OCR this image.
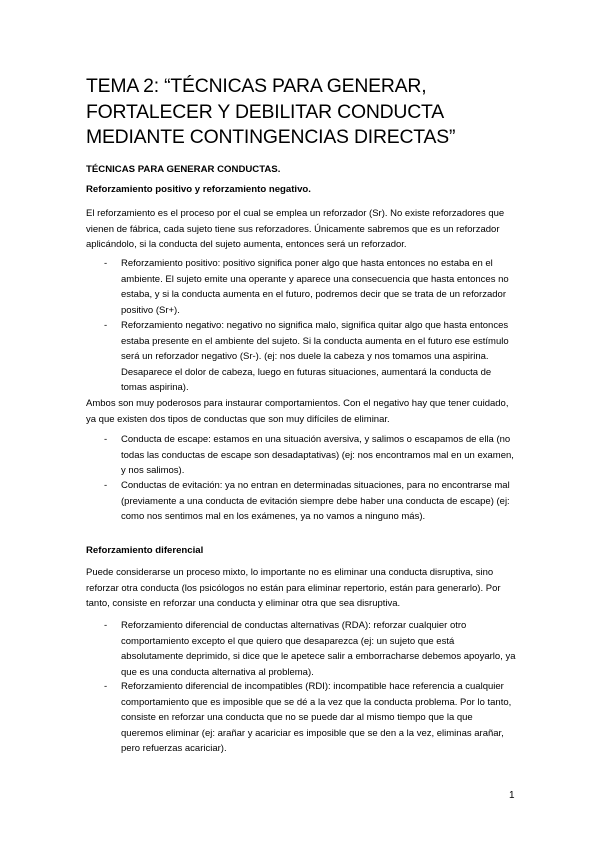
TEMA 2: “TÉCNICAS PARA GENERAR, FORTALECER Y DEBILITAR CONDUCTA MEDIANTE CONTINGENCIAS DIRECTAS”
TÉCNICAS PARA GENERAR CONDUCTAS.
Reforzamiento positivo y reforzamiento negativo.
El reforzamiento es el proceso por el cual se emplea un reforzador (Sr). No existe reforzadores que vienen de fábrica, cada sujeto tiene sus reforzadores. Únicamente sabremos que es un reforzador aplicándolo, si la conducta del sujeto aumenta, entonces será un reforzador.
- Reforzamiento positivo: positivo significa poner algo que hasta entonces no estaba en el ambiente. El sujeto emite una operante y aparece una consecuencia que hasta entonces no estaba, y si la conducta aumenta en el futuro, podremos decir que se trata de un reforzador positivo (Sr+).
- Reforzamiento negativo: negativo no significa malo, significa quitar algo que hasta entonces estaba presente en el ambiente del sujeto. Si la conducta aumenta en el futuro ese estímulo será un reforzador negativo (Sr-). (ej: nos duele la cabeza y nos tomamos una aspirina. Desaparece el dolor de cabeza, luego en futuras situaciones, aumentará la conducta de tomas aspirina).
Ambos son muy poderosos para instaurar comportamientos. Con el negativo hay que tener cuidado, ya que existen dos tipos de conductas que son muy difíciles de eliminar.
- Conducta de escape: estamos en una situación aversiva, y salimos o escapamos de ella (no todas las conductas de escape son desadaptativas) (ej: nos encontramos mal en un examen, y nos salimos).
- Conductas de evitación: ya no entran en determinadas situaciones, para no encontrarse mal (previamente a una conducta de evitación siempre debe haber una conducta de escape) (ej: como nos sentimos mal en los exámenes, ya no vamos a ninguno más).
Reforzamiento diferencial
Puede considerarse un proceso mixto, lo importante no es eliminar una conducta disruptiva, sino reforzar otra conducta (los psicólogos no están para eliminar repertorio, están para generarlo). Por tanto, consiste en reforzar una conducta y eliminar otra que sea disruptiva.
- Reforzamiento diferencial de conductas alternativas (RDA): reforzar cualquier otro comportamiento excepto el que quiero que desaparezca (ej: un sujeto que está absolutamente deprimido, si dice que le apetece salir a emborracharse debemos apoyarlo, ya que es una conducta alternativa al problema).
- Reforzamiento diferencial de incompatibles (RDI): incompatible hace referencia a cualquier comportamiento que es imposible que se dé a la vez que la conducta problema. Por lo tanto, consiste en reforzar una conducta que no se puede dar al mismo tiempo que la que queremos eliminar (ej: arañar y acariciar es imposible que se den a la vez, eliminas arañar, pero refuerzas acariciar).
1
